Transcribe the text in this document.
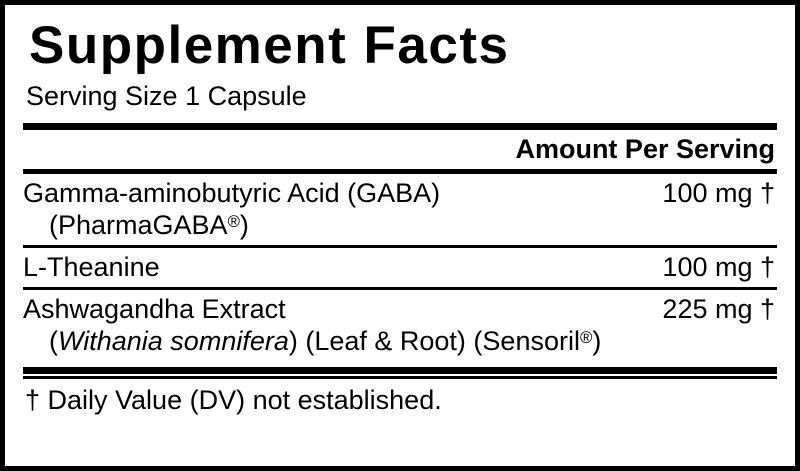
Supplement Facts
Serving Size 1 Capsule
Amount Per Serving
Gamma-aminobutyric Acid (GABA)	100 mg †
(PharmaGABA®)
L-Theanine	100 mg †
Ashwagandha Extract	225 mg †
(Withania somnifera) (Leaf & Root) (Sensoril®)
† Daily Value (DV) not established.
